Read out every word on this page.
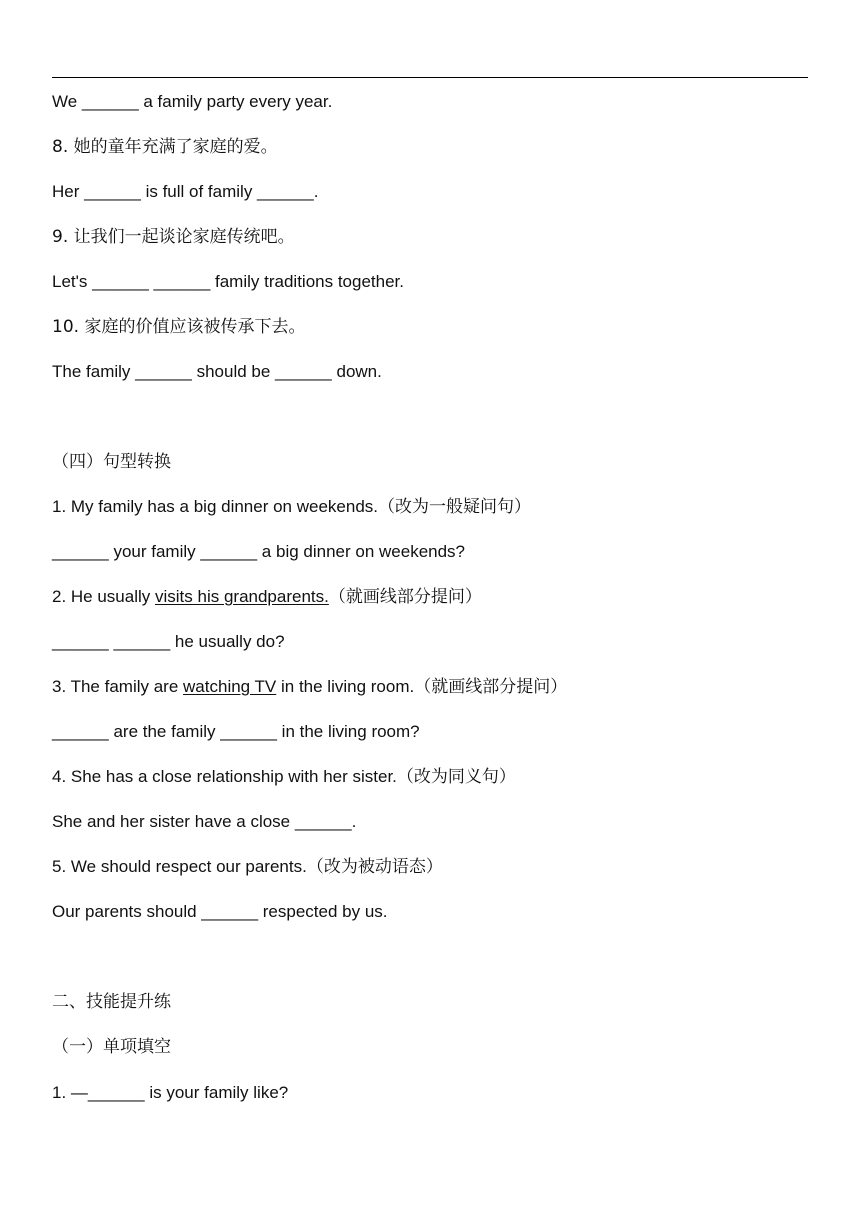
We ______ a family party every year.
8. 她的童年充满了家庭的爱。
Her ______ is full of family ______.
9. 让我们一起谈论家庭传统吧。
Let's ______ ______ family traditions together.
10. 家庭的价值应该被传承下去。
The family ______ should be ______ down.
（四）句型转换
1. My family has a big dinner on weekends.（改为一般疑问句）
______ your family ______ a big dinner on weekends?
2. He usually visits his grandparents.（就画线部分提问）
______ ______ he usually do?
3. The family are watching TV in the living room.（就画线部分提问）
______ are the family ______ in the living room?
4. She has a close relationship with her sister.（改为同义句）
She and her sister have a close ______.
5. We should respect our parents.（改为被动语态）
Our parents should ______ respected by us.
二、技能提升练
（一）单项填空
1. —______ is your family like?
